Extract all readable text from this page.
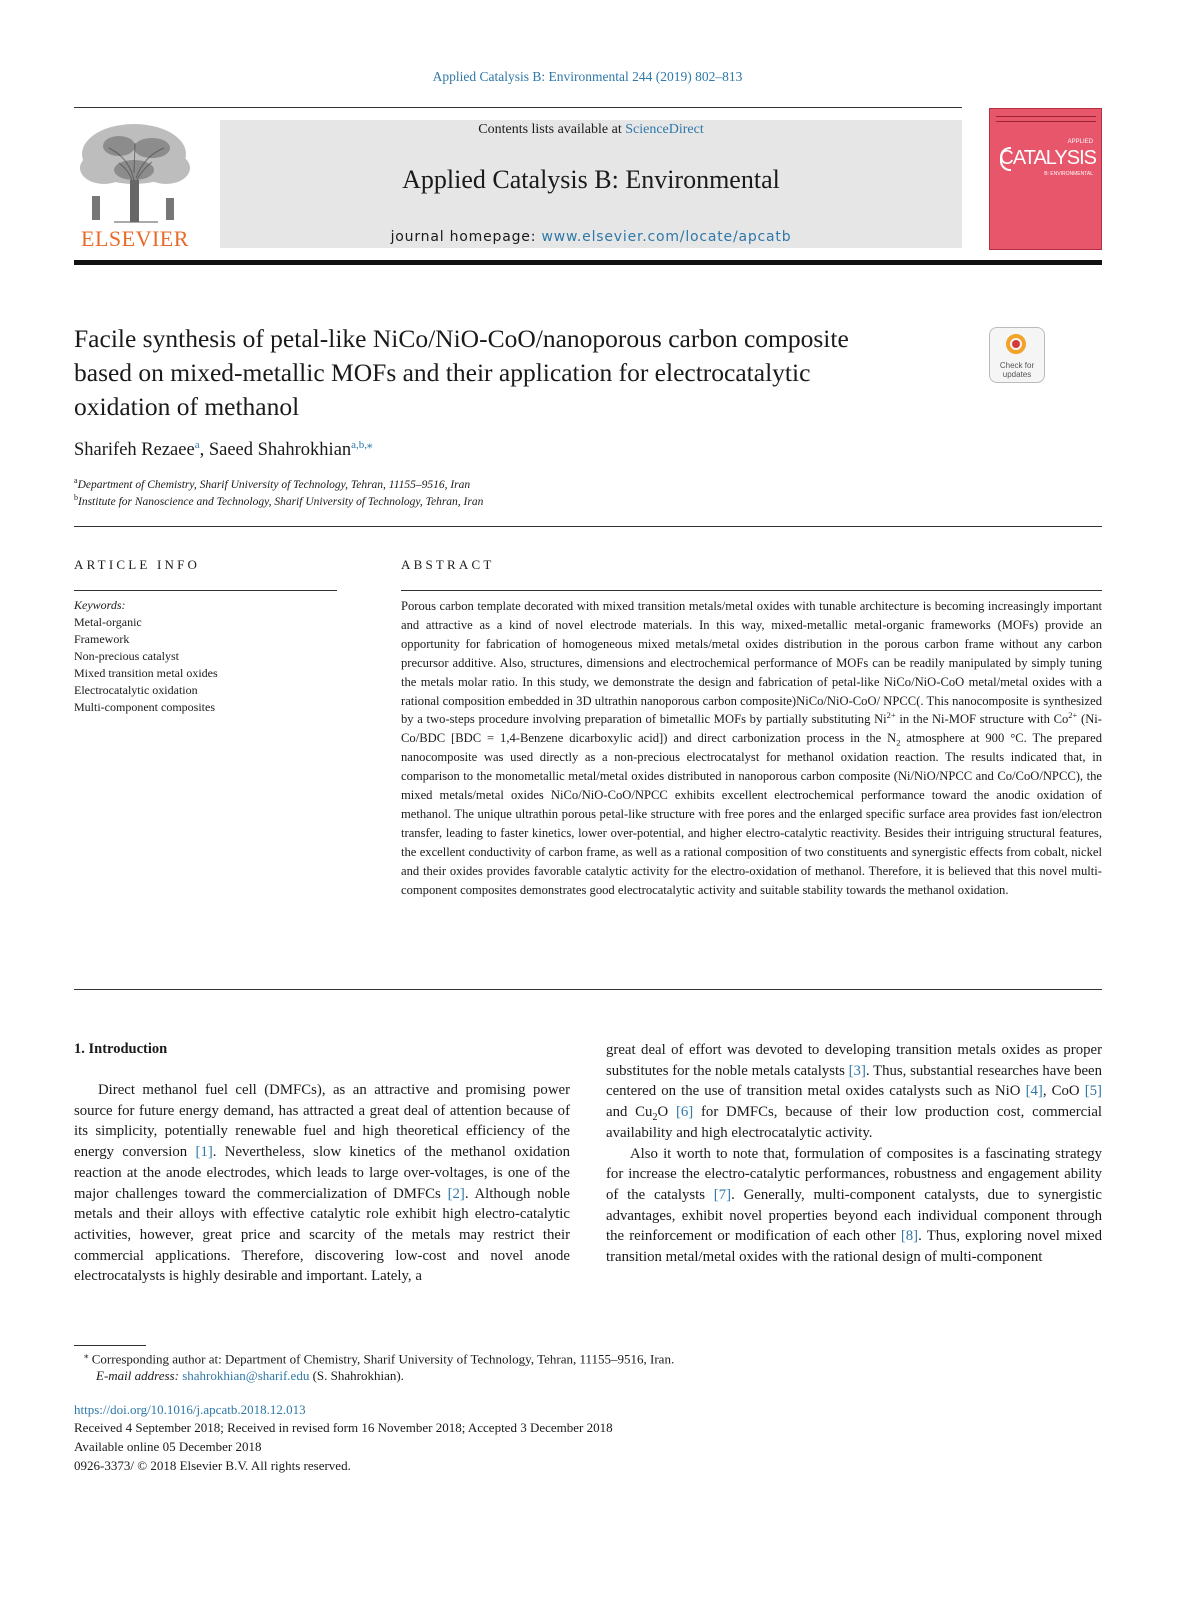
Applied Catalysis B: Environmental 244 (2019) 802–813
ELSEVIER
Contents lists available at ScienceDirect
Applied Catalysis B: Environmental
journal homepage: www.elsevier.com/locate/apcatb
APPLIED
CATALYSIS
B: ENVIRONMENTAL
Facile synthesis of petal-like NiCo/NiO-CoO/nanoporous carbon composite
based on mixed-metallic MOFs and their application for electrocatalytic
oxidation of methanol
Check for
updates
Sharifeh Rezaee$^a$, Saeed Shahrokhian$^{a,b,⁎}$
$^a$Department of Chemistry, Sharif University of Technology, Tehran, 11155–9516, Iran
$^b$Institute for Nanoscience and Technology, Sharif University of Technology, Tehran, Iran
ARTICLE INFO
Keywords:
Metal-organic
Framework
Non-precious catalyst
Mixed transition metal oxides
Electrocatalytic oxidation
Multi-component composites
ABSTRACT
Porous carbon template decorated with mixed transition metals/metal oxides with tunable architecture is becoming increasingly important and attractive as a kind of novel electrode materials. In this way, mixed-metallic metal-organic frameworks (MOFs) provide an opportunity for fabrication of homogeneous mixed metals/metal oxides distribution in the porous carbon frame without any carbon precursor additive. Also, structures, dimensions and electrochemical performance of MOFs can be readily manipulated by simply tuning the metals molar ratio. In this study, we demonstrate the design and fabrication of petal-like NiCo/NiO-CoO metal/metal oxides with a rational composition embedded in 3D ultrathin nanoporous carbon composite)NiCo/NiO-CoO/ NPCC(. This nanocomposite is synthesized by a two-steps procedure involving preparation of bimetallic MOFs by partially substituting $Ni^{2+}$ in the Ni-MOF structure with $Co^{2+}$ (Ni-Co/BDC [BDC = 1,4-Benzene dicarboxylic acid]) and direct carbonization process in the $N_2$ atmosphere at 900 °C. The prepared nanocomposite was used directly as a non-precious electrocatalyst for methanol oxidation reaction. The results indicated that, in comparison to the monometallic metal/metal oxides distributed in nanoporous carbon composite (Ni/NiO/NPCC and Co/CoO/NPCC), the mixed metals/metal oxides NiCo/NiO-CoO/NPCC exhibits excellent electrochemical performance toward the anodic oxidation of methanol. The unique ultrathin porous petal-like structure with free pores and the enlarged specific surface area provides fast ion/electron transfer, leading to faster kinetics, lower over-potential, and higher electro-catalytic reactivity. Besides their intriguing structural features, the excellent conductivity of carbon frame, as well as a rational composition of two constituents and synergistic effects from cobalt, nickel and their oxides provides favorable catalytic activity for the electro-oxidation of methanol. Therefore, it is believed that this novel multi-component composites demonstrates good electrocatalytic activity and suitable stability towards the methanol oxidation.
1. Introduction

Direct methanol fuel cell (DMFCs), as an attractive and promising power source for future energy demand, has attracted a great deal of attention because of its simplicity, potentially renewable fuel and high theoretical efficiency of the energy conversion [1]. Nevertheless, slow kinetics of the methanol oxidation reaction at the anode electrodes, which leads to large over-voltages, is one of the major challenges toward the commercialization of DMFCs [2]. Although noble metals and their alloys with effective catalytic role exhibit high electro-catalytic activities, however, great price and scarcity of the metals may restrict their commercial applications. Therefore, discovering low-cost and novel anode electrocatalysts is highly desirable and important. Lately, a

great deal of effort was devoted to developing transition metals oxides as proper substitutes for the noble metals catalysts [3]. Thus, substantial researches have been centered on the use of transition metal oxides catalysts such as NiO [4], CoO [5] and $Cu_2O$ [6] for DMFCs, because of their low production cost, commercial availability and high electrocatalytic activity.

Also it worth to note that, formulation of composites is a fascinating strategy for increase the electro-catalytic performances, robustness and engagement ability of the catalysts [7]. Generally, multi-component catalysts, due to synergistic advantages, exhibit novel properties beyond each individual component through the reinforcement or modification of each other [8]. Thus, exploring novel mixed transition metal/metal oxides with the rational design of multi-component

⁎ Corresponding author at: Department of Chemistry, Sharif University of Technology, Tehran, 11155–9516, Iran.
E-mail address: shahrokhian@sharif.edu (S. Shahrokhian).
https://doi.org/10.1016/j.apcatb.2018.12.013
Received 4 September 2018; Received in revised form 16 November 2018; Accepted 3 December 2018
Available online 05 December 2018
0926-3373/ © 2018 Elsevier B.V. All rights reserved.
